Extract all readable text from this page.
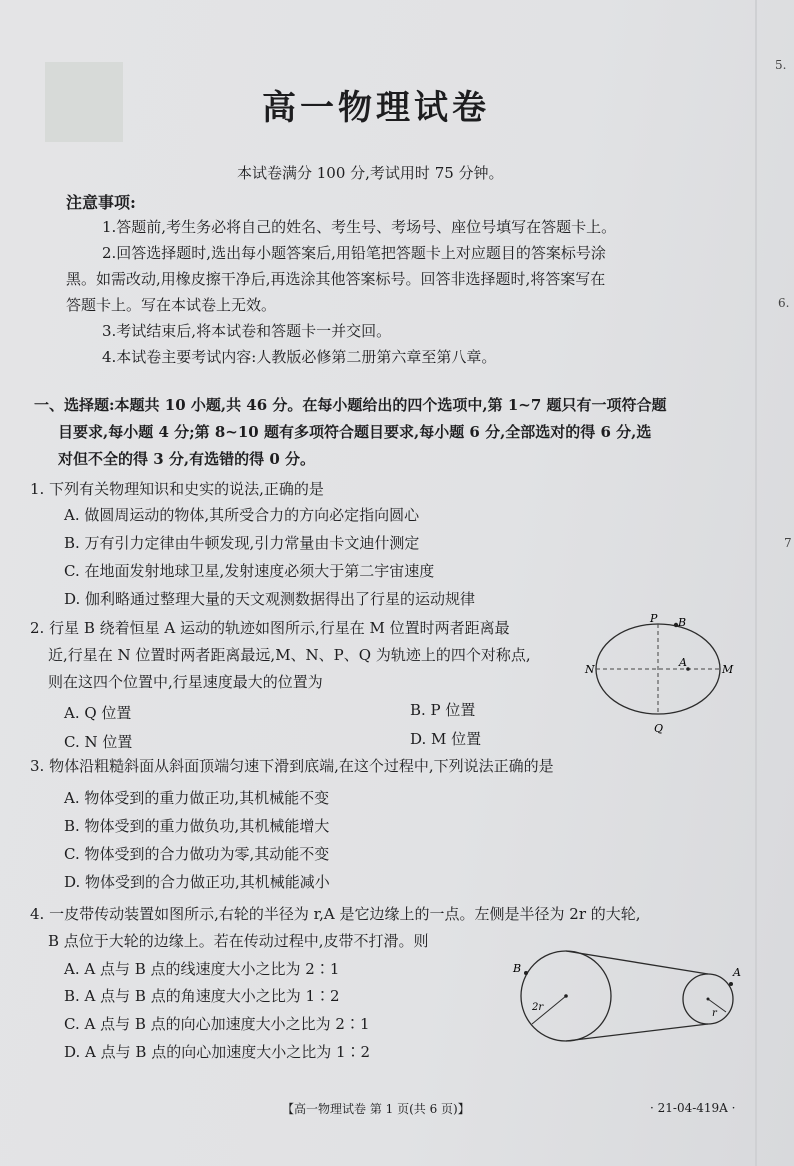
5.
6.
7
高一物理试卷
本试卷满分 100 分,考试用时 75 分钟。
注意事项:
1.答题前,考生务必将自己的姓名、考生号、考场号、座位号填写在答题卡上。
2.回答选择题时,选出每小题答案后,用铅笔把答题卡上对应题目的答案标号涂
黑。如需改动,用橡皮擦干净后,再选涂其他答案标号。回答非选择题时,将答案写在
答题卡上。写在本试卷上无效。
3.考试结束后,将本试卷和答题卡一并交回。
4.本试卷主要考试内容:人教版必修第二册第六章至第八章。
一、选择题:本题共 10 小题,共 46 分。在每小题给出的四个选项中,第 1~7 题只有一项符合题
目要求,每小题 4 分;第 8~10 题有多项符合题目要求,每小题 6 分,全部选对的得 6 分,选
对但不全的得 3 分,有选错的得 0 分。
1. 下列有关物理知识和史实的说法,正确的是
A. 做圆周运动的物体,其所受合力的方向必定指向圆心
B. 万有引力定律由牛顿发现,引力常量由卡文迪什测定
C. 在地面发射地球卫星,发射速度必须大于第二宇宙速度
D. 伽利略通过整理大量的天文观测数据得出了行星的运动规律
2. 行星 B 绕着恒星 A 运动的轨迹如图所示,行星在 M 位置时两者距离最
近,行星在 N 位置时两者距离最远,M、N、P、Q 为轨迹上的四个对称点,
则在这四个位置中,行星速度最大的位置为
A. Q 位置	B. P 位置
C. N 位置	D. M 位置
P B
N
A
M
Q
3. 物体沿粗糙斜面从斜面顶端匀速下滑到底端,在这个过程中,下列说法正确的是
A. 物体受到的重力做正功,其机械能不变
B. 物体受到的重力做负功,其机械能增大
C. 物体受到的合力做功为零,其动能不变
D. 物体受到的合力做正功,其机械能减小
4. 一皮带传动装置如图所示,右轮的半径为 r,A 是它边缘上的一点。左侧是半径为 2r 的大轮,
B 点位于大轮的边缘上。若在传动过程中,皮带不打滑。则
A. A 点与 B 点的线速度大小之比为 2∶1
B. A 点与 B 点的角速度大小之比为 1∶2
C. A 点与 B 点的向心加速度大小之比为 2∶1
D. A 点与 B 点的向心加速度大小之比为 1∶2
B	A
2r
r
【高一物理试卷 第 1 页(共 6 页)】	· 21-04-419A ·
